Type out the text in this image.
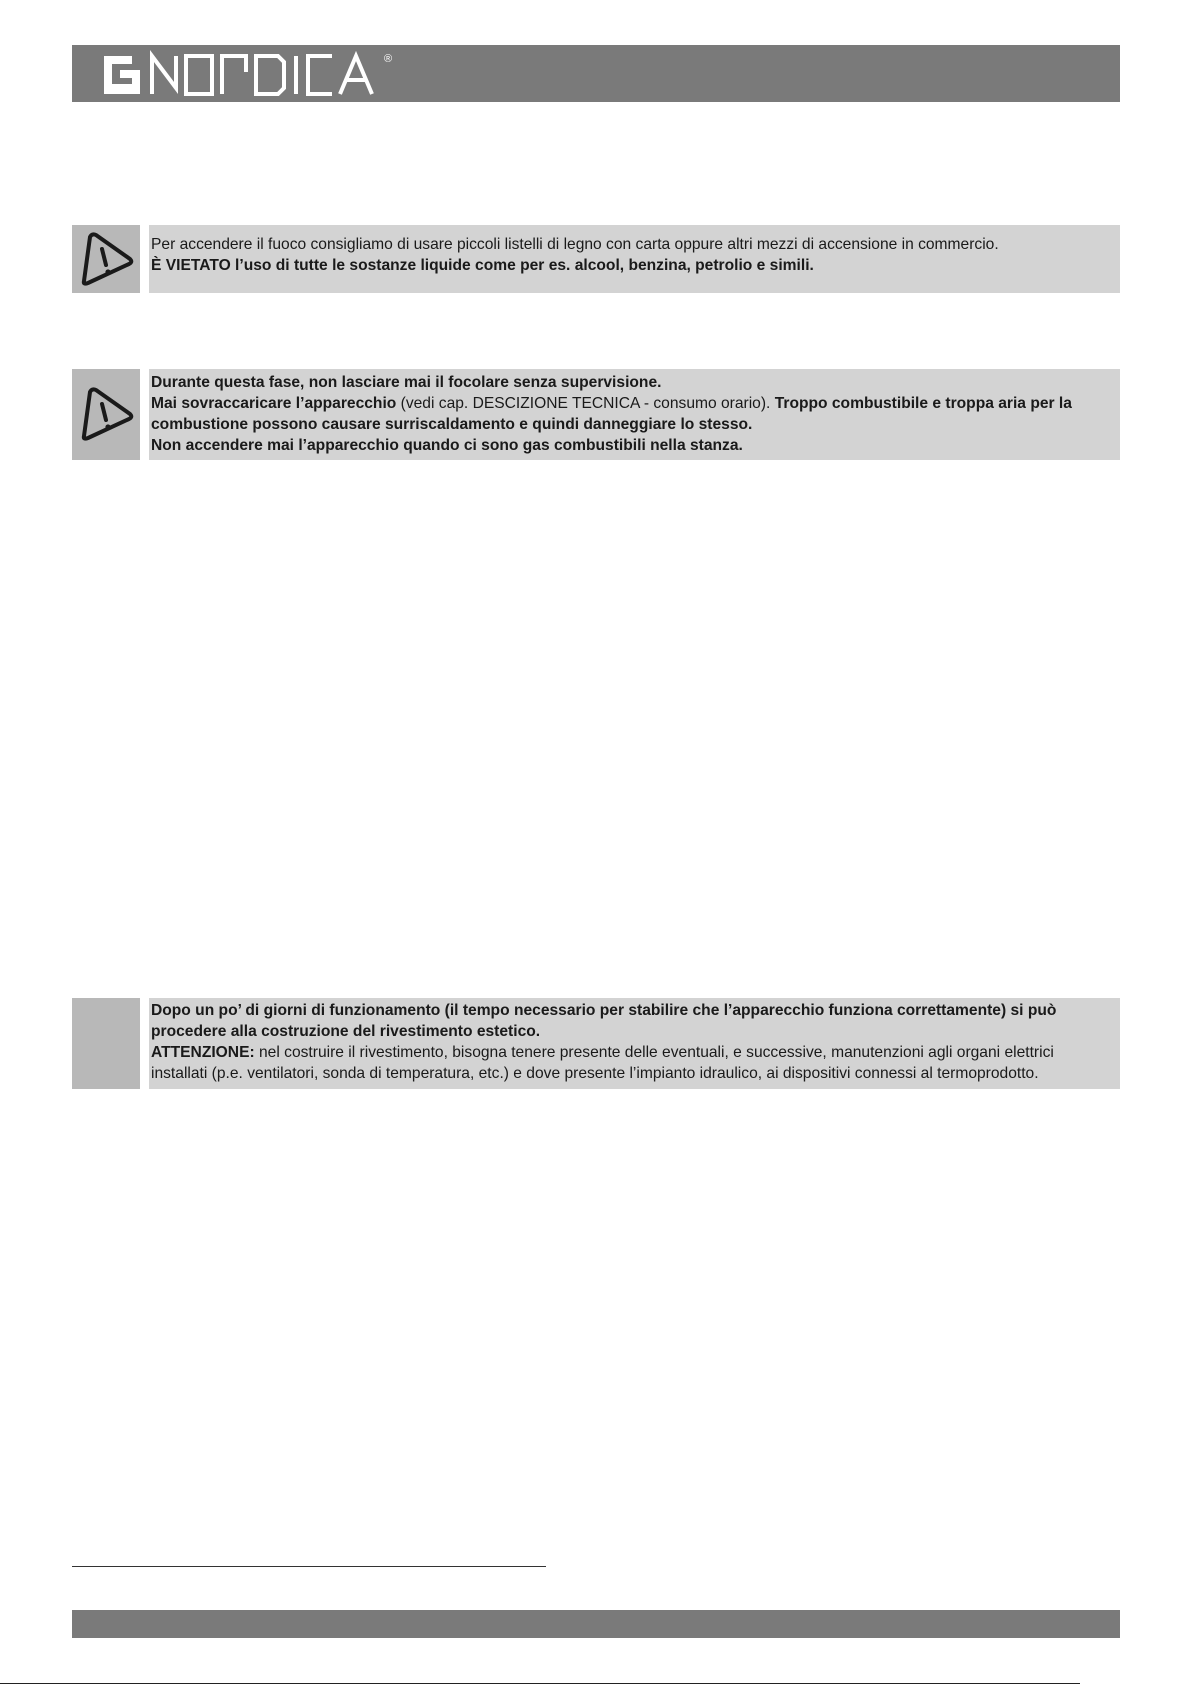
®
Per accendere il fuoco consigliamo di usare piccoli listelli di legno con carta oppure altri mezzi di accensione in commercio.
È VIETATO l’uso di tutte le sostanze liquide come per es. alcool, benzina, petrolio e simili.
Durante questa fase, non lasciare mai il focolare senza supervisione.
Mai sovraccaricare l’apparecchio (vedi cap. DESCIZIONE TECNICA - consumo orario). Troppo combustibile e troppa aria per la
combustione possono causare surriscaldamento e quindi danneggiare lo stesso.
Non accendere mai l’apparecchio quando ci sono gas combustibili nella stanza.
Dopo un po’ di giorni di funzionamento (il tempo necessario per stabilire che l’apparecchio funziona correttamente) si può
procedere alla costruzione del rivestimento estetico.
ATTENZIONE: nel costruire il rivestimento, bisogna tenere presente delle eventuali, e successive, manutenzioni agli organi elettrici
installati (p.e. ventilatori, sonda di temperatura, etc.) e dove presente l’impianto idraulico, ai dispositivi connessi al termoprodotto.
